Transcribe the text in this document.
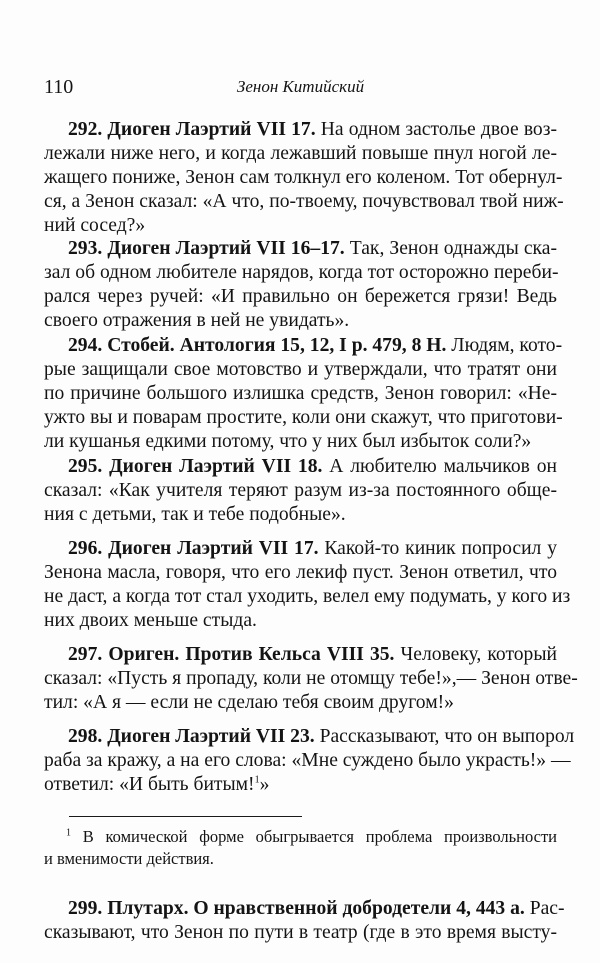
110	Зенон Китийский
292. Диоген Лаэртий VII 17. На одном застолье двое воз-
лежали ниже него, и когда лежавший повыше пнул ногой ле-
жащего пониже, Зенон сам толкнул его коленом. Тот обернул-
ся, а Зенон сказал: «А что, по-твоему, почувствовал твой ниж-
ний сосед?»
293. Диоген Лаэртий VII 16–17. Так, Зенон однажды ска-
зал об одном любителе нарядов, когда тот осторожно переби-
рался через ручей: «И правильно он бережется грязи! Ведь
своего отражения в ней не увидать».
294. Стобей. Антология 15, 12, I p. 479, 8 H. Людям, кото-
рые защищали свое мотовство и утверждали, что тратят они
по причине большого излишка средств, Зенон говорил: «Не-
ужто вы и поварам простите, коли они скажут, что приготови-
ли кушанья едкими потому, что у них был избыток соли?»
295. Диоген Лаэртий VII 18. А любителю мальчиков он
сказал: «Как учителя теряют разум из-за постоянного обще-
ния с детьми, так и тебе подобные».
296. Диоген Лаэртий VII 17. Какой-то киник попросил у
Зенона масла, говоря, что его лекиф пуст. Зенон ответил, что
не даст, а когда тот стал уходить, велел ему подумать, у кого из
них двоих меньше стыда.
297. Ориген. Против Кельса VIII 35. Человеку, который
сказал: «Пусть я пропаду, коли не отомщу тебе!»,— Зенон отве-
тил: «А я — если не сделаю тебя своим другом!»
298. Диоген Лаэртий VII 23. Рассказывают, что он выпорол
раба за кражу, а на его слова: «Мне суждено было украсть!» —
ответил: «И быть битым!$^1$»
$^1$ В комической форме обыгрывается проблема произвольности
и вменимости действия.
299. Плутарх. О нравственной добродетели 4, 443 a. Рас-
сказывают, что Зенон по пути в театр (где в это время высту-
